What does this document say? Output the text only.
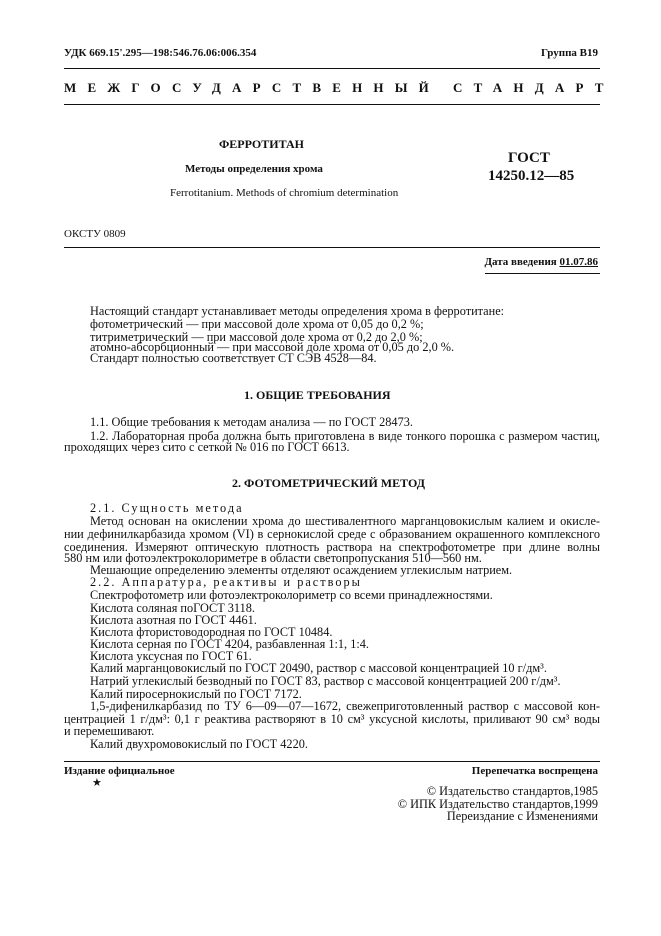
УДК 669.15'.295—198:546.76.06:006.354	Группа В19
МЕЖГОСУДАРСТВЕННЫЙ СТАНДАРТ
ФЕРРОТИТАН
Методы определения хрома
Ferrotitanium. Methods of chromium determination
ГОСТ
14250.12—85
ОКСТУ 0809
Дата введения 01.07.86
Настоящий стандарт устанавливает методы определения хрома в ферротитане:
фотометрический — при массовой доле хрома от 0,05 до 0,2 %;
титриметрический — при массовой доле хрома от 0,2 до 2,0 %;
атомно-абсорбционный — при массовой доле хрома от 0,05 до 2,0 %.
Стандарт полностью соответствует СТ СЭВ 4528—84.
1. ОБЩИЕ ТРЕБОВАНИЯ
1.1. Общие требования к методам анализа — по ГОСТ 28473.
1.2. Лабораторная проба должна быть приготовлена в виде тонкого порошка с размером частиц,
проходящих через сито с сеткой № 016 по ГОСТ 6613.
2. ФОТОМЕТРИЧЕСКИЙ МЕТОД
2.1. Сущность метода
Метод основан на окислении хрома до шестивалентного марганцовокислым калием и окисле-
нии дефинилкарбазида хромом (VI) в сернокислой среде с образованием окрашенного комплексного
соединения. Измеряют оптическую плотность раствора на спектрофотометре при длине волны
580 нм или фотоэлектроколориметре в области светопропускания 510—560 нм.
Мешающие определению элементы отделяют осаждением углекислым натрием.
2.2. Аппаратура, реактивы и растворы
Спектрофотометр или фотоэлектроколориметр со всеми принадлежностями.
Кислота соляная поГОСТ 3118.
Кислота азотная по ГОСТ 4461.
Кислота фтористоводородная по ГОСТ 10484.
Кислота серная по ГОСТ 4204, разбавленная 1:1, 1:4.
Кислота уксусная по ГОСТ 61.
Калий марганцовокислый по ГОСТ 20490, раствор с массовой концентрацией 10 г/дм³.
Натрий углекислый безводный по ГОСТ 83, раствор с массовой концентрацией 200 г/дм³.
Калий пиросернокислый по ГОСТ 7172.
1,5-дифенилкарбазид по ТУ 6—09—07—1672, свежеприготовленный раствор с массовой кон-
центрацией 1 г/дм³: 0,1 г реактива растворяют в 10 см³ уксусной кислоты, приливают 90 см³ воды
и перемешивают.
Калий двухромовокислый по ГОСТ 4220.
Издание официальное
★
Перепечатка воспрещена
© Издательство стандартов,1985
© ИПК Издательство стандартов,1999
Переиздание с Изменениями
